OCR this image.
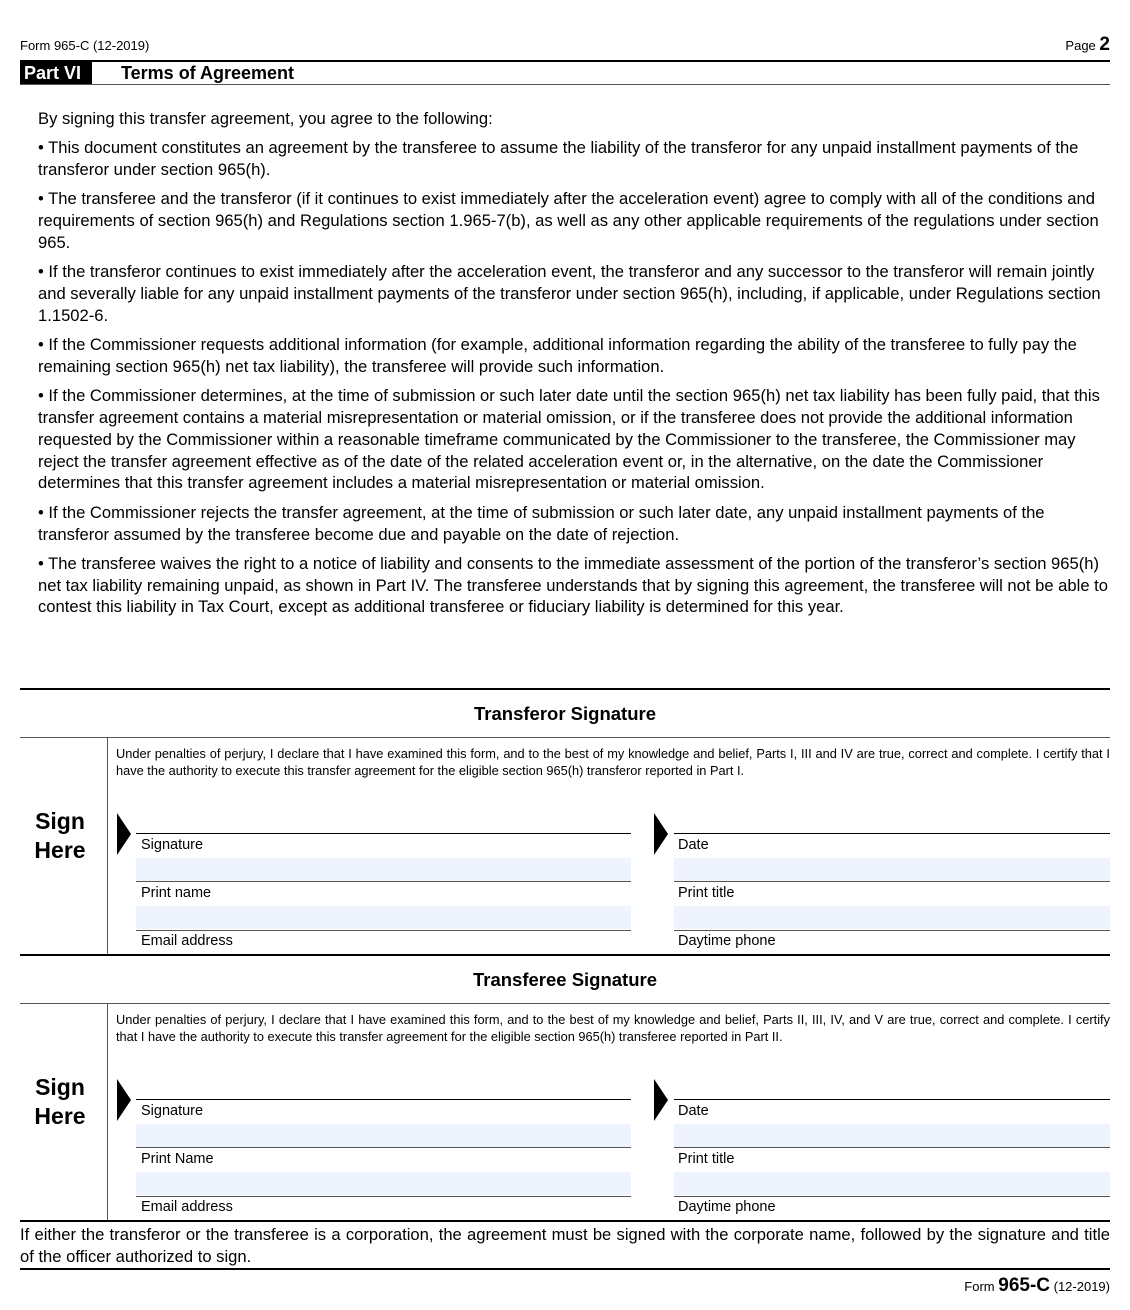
Form 965-C (12-2019)	Page 2
Part VI	Terms of Agreement

By signing this transfer agreement, you agree to the following:

• This document constitutes an agreement by the transferee to assume the liability of the transferor for any unpaid installment payments of the transferor under section 965(h).

• The transferee and the transferor (if it continues to exist immediately after the acceleration event) agree to comply with all of the conditions and requirements of section 965(h) and Regulations section 1.965-7(b), as well as any other applicable requirements of the regulations under section 965.

• If the transferor continues to exist immediately after the acceleration event, the transferor and any successor to the transferor will remain jointly and severally liable for any unpaid installment payments of the transferor under section 965(h), including, if applicable, under Regulations section 1.1502-6.

• If the Commissioner requests additional information (for example, additional information regarding the ability of the transferee to fully pay the remaining section 965(h) net tax liability), the transferee will provide such information.

• If the Commissioner determines, at the time of submission or such later date until the section 965(h) net tax liability has been fully paid, that this transfer agreement contains a material misrepresentation or material omission, or if the transferee does not provide the additional information requested by the Commissioner within a reasonable timeframe communicated by the Commissioner to the transferee, the Commissioner may reject the transfer agreement effective as of the date of the related acceleration event or, in the alternative, on the date the Commissioner determines that this transfer agreement includes a material misrepresentation or material omission.

• If the Commissioner rejects the transfer agreement, at the time of submission or such later date, any unpaid installment payments of the transferor assumed by the transferee become due and payable on the date of rejection.

• The transferee waives the right to a notice of liability and consents to the immediate assessment of the portion of the transferor’s section 965(h) net tax liability remaining unpaid, as shown in Part IV. The transferee understands that by signing this agreement, the transferee will not be able to contest this liability in Tax Court, except as additional transferee or fiduciary liability is determined for this year.

Transferor Signature
Sign
Here
Under penalties of perjury, I declare that I have examined this form, and to the best of my knowledge and belief, Parts I, III and IV are true, correct and complete. I certify that I have the authority to execute this transfer agreement for the eligible section 965(h) transferor reported in Part I.
Signature
Print name
Email address
Date
Print title
Daytime phone
Transferee Signature
Sign
Here
Under penalties of perjury, I declare that I have examined this form, and to the best of my knowledge and belief, Parts II, III, IV, and V are true, correct and complete. I certify that I have the authority to execute this transfer agreement for the eligible section 965(h) transferee reported in Part II.
Signature
Print Name
Email address
Date
Print title
Daytime phone
If either the transferor or the transferee is a corporation, the agreement must be signed with the corporate name, followed by the signature and title of the officer authorized to sign.
Form 965-C (12-2019)
